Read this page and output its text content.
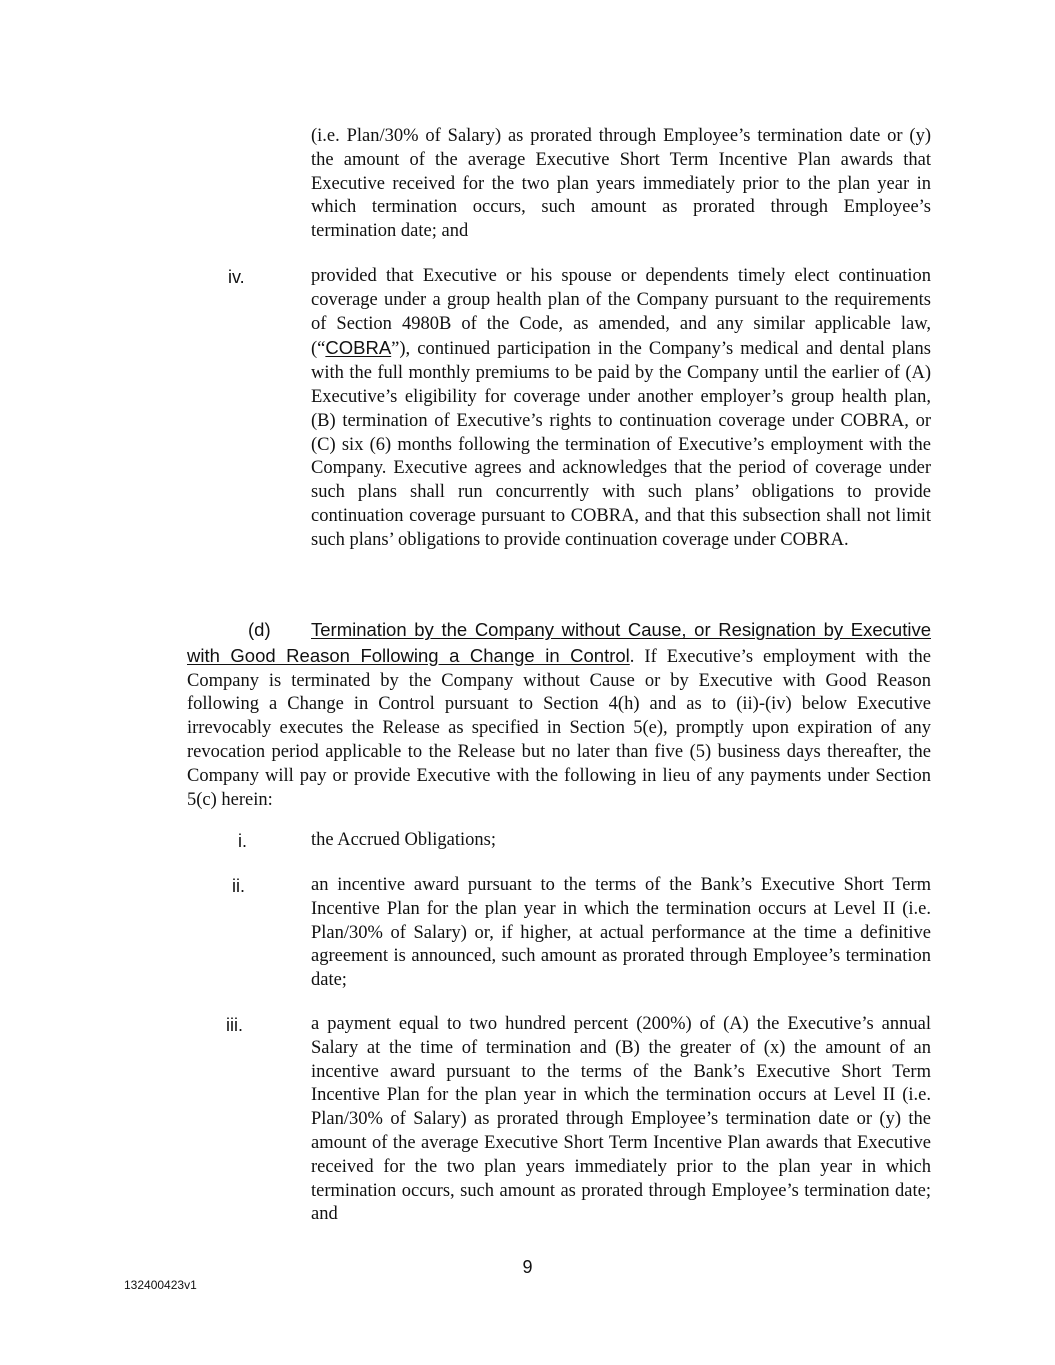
(i.e. Plan/30% of Salary) as prorated through Employee’s termination date or (y) the amount of the average Executive Short Term Incentive Plan awards that Executive received for the two plan years immediately prior to the plan year in which termination occurs, such amount as prorated through Employee’s termination date; and
iv.	provided that Executive or his spouse or dependents timely elect continuation coverage under a group health plan of the Company pursuant to the requirements of Section 4980B of the Code, as amended, and any similar applicable law, (“COBRA”), continued participation in the Company’s medical and dental plans with the full monthly premiums to be paid by the Company until the earlier of (A) Executive’s eligibility for coverage under another employer’s group health plan, (B) termination of Executive’s rights to continuation coverage under COBRA, or (C) six (6) months following the termination of Executive’s employment with the Company. Executive agrees and acknowledges that the period of coverage under such plans shall run concurrently with such plans’ obligations to provide continuation coverage pursuant to COBRA, and that this subsection shall not limit such plans’ obligations to provide continuation coverage under COBRA.
(d) Termination by the Company without Cause, or Resignation by Executive with Good Reason Following a Change in Control. If Executive’s employment with the Company is terminated by the Company without Cause or by Executive with Good Reason following a Change in Control pursuant to Section 4(h) and as to (ii)-(iv) below Executive irrevocably executes the Release as specified in Section 5(e), promptly upon expiration of any revocation period applicable to the Release but no later than five (5) business days thereafter, the Company will pay or provide Executive with the following in lieu of any payments under Section 5(c) herein:
i.	the Accrued Obligations;
ii.	an incentive award pursuant to the terms of the Bank’s Executive Short Term Incentive Plan for the plan year in which the termination occurs at Level II (i.e. Plan/30% of Salary) or, if higher, at actual performance at the time a definitive agreement is announced, such amount as prorated through Employee’s termination date;
iii.	a payment equal to two hundred percent (200%) of (A) the Executive’s annual Salary at the time of termination and (B) the greater of (x) the amount of an incentive award pursuant to the terms of the Bank’s Executive Short Term Incentive Plan for the plan year in which the termination occurs at Level II (i.e. Plan/30% of Salary) as prorated through Employee’s termination date or (y) the amount of the average Executive Short Term Incentive Plan awards that Executive received for the two plan years immediately prior to the plan year in which termination occurs, such amount as prorated through Employee’s termination date; and
9
132400423v1
